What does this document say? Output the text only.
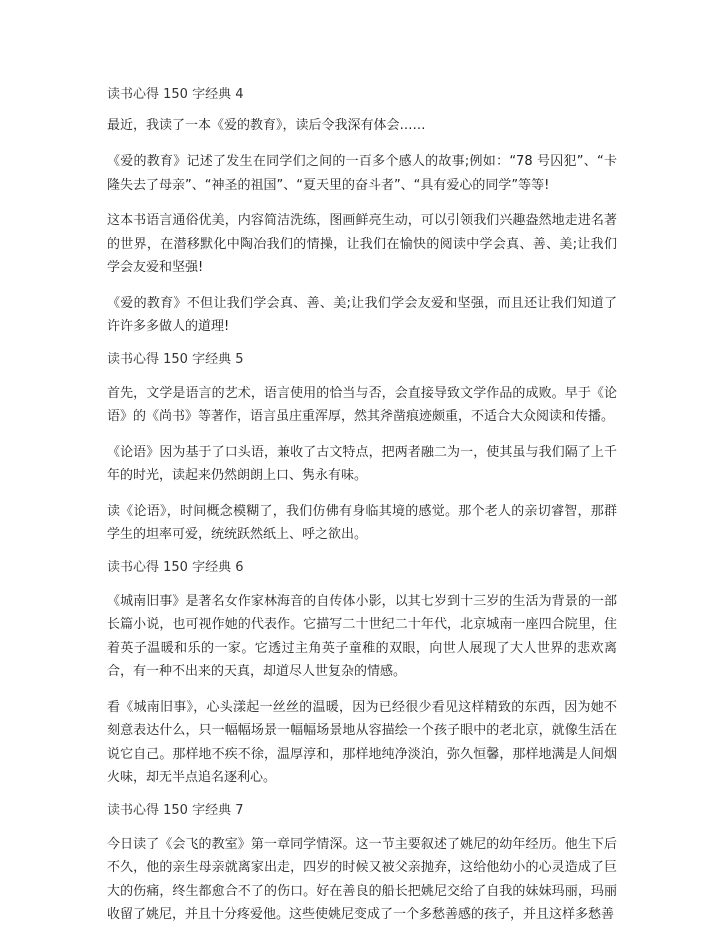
读书心得 150 字经典 4

最近，我读了一本《爱的教育》，读后令我深有体会……

《爱的教育》记述了发生在同学们之间的一百多个感人的故事;例如：“78 号囚犯”、“卡隆失去了母亲”、“神圣的祖国”、“夏天里的奋斗者”、“具有爱心的同学”等等!

这本书语言通俗优美，内容简洁洗练，图画鲜亮生动，可以引领我们兴趣盎然地走进名著的世界，在潜移默化中陶冶我们的情操，让我们在愉快的阅读中学会真、善、美;让我们学会友爱和坚强!

《爱的教育》不但让我们学会真、善、美;让我们学会友爱和坚强，而且还让我们知道了许许多多做人的道理!

读书心得 150 字经典 5

首先，文学是语言的艺术，语言使用的恰当与否，会直接导致文学作品的成败。早于《论语》的《尚书》等著作，语言虽庄重浑厚，然其斧凿痕迹颇重，不适合大众阅读和传播。

《论语》因为基于了口头语，兼收了古文特点，把两者融二为一，使其虽与我们隔了上千年的时光，读起来仍然朗朗上口、隽永有味。

读《论语》，时间概念模糊了，我们仿佛有身临其境的感觉。那个老人的亲切睿智，那群学生的坦率可爱，统统跃然纸上、呼之欲出。

读书心得 150 字经典 6

《城南旧事》是著名女作家林海音的自传体小影，以其七岁到十三岁的生活为背景的一部长篇小说，也可视作她的代表作。它描写二十世纪二十年代，北京城南一座四合院里，住着英子温暖和乐的一家。它透过主角英子童稚的双眼，向世人展现了大人世界的悲欢离合，有一种不出来的天真，却道尽人世复杂的情感。

看《城南旧事》，心头漾起一丝丝的温暖，因为已经很少看见这样精致的东西，因为她不刻意表达什么，只一幅幅场景一幅幅场景地从容描绘一个孩子眼中的老北京，就像生活在说它自己。那样地不疾不徐，温厚淳和，那样地纯净淡泊，弥久恒馨，那样地满是人间烟火味，却无半点追名逐利心。

读书心得 150 字经典 7

今日读了《会飞的教室》第一章同学情深。这一节主要叙述了姚尼的幼年经历。他生下后不久，他的亲生母亲就离家出走，四岁的时候又被父亲抛弃，这给他幼小的心灵造成了巨大的伤痛，终生都愈合不了的伤口。好在善良的船长把姚尼交给了自我的妹妹玛丽，玛丽收留了姚尼，并且十分疼爱他。这些使姚尼变成了一个多愁善感的孩子，并且这样多愁善
